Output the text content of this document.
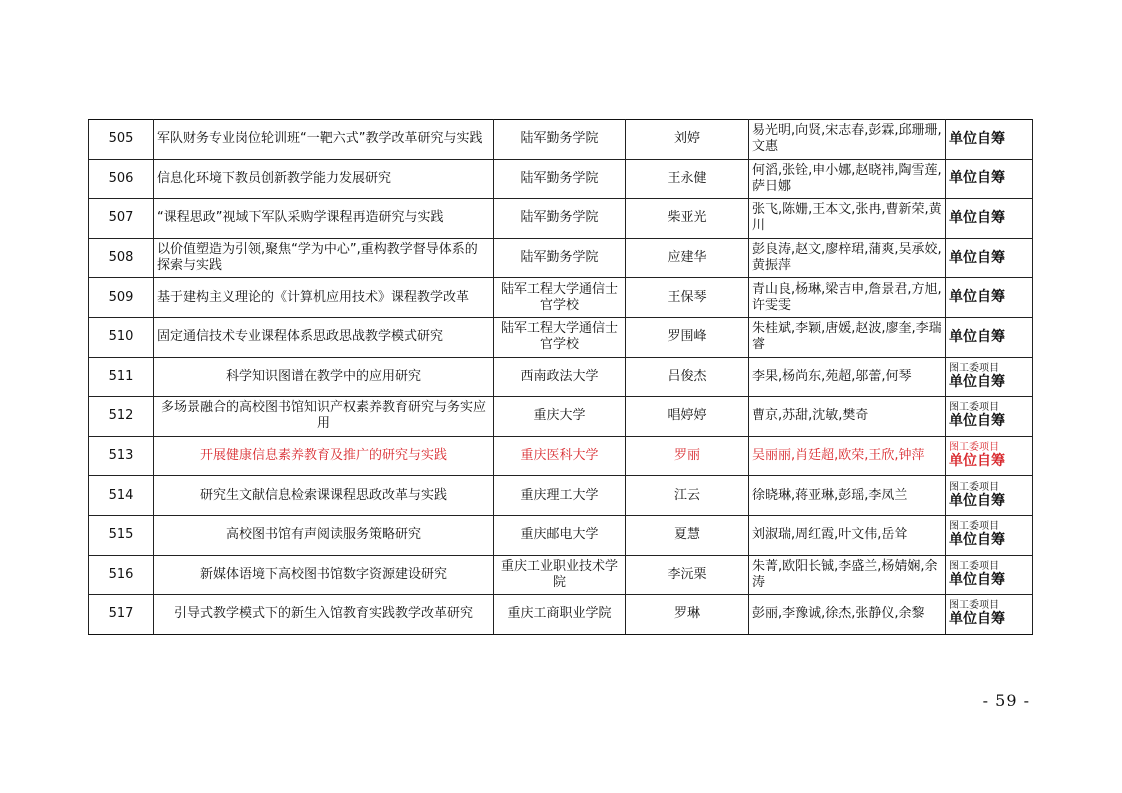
505	军队财务专业岗位轮训班“一靶六式”教学改革研究与实践	陆军勤务学院	刘婷	易光明,向贤,宋志春,彭霖,邱珊珊,文惠	单位自筹

506	信息化环境下教员创新教学能力发展研究	陆军勤务学院	王永健	何滔,张铨,申小娜,赵晓祎,陶雪莲,萨日娜	单位自筹

507	“课程思政”视域下军队采购学课程再造研究与实践	陆军勤务学院	柴亚光	张飞,陈姗,王本文,张冉,曹新荣,黄川	单位自筹

508	以价值塑造为引领,聚焦“学为中心”,重构教学督导体系的探索与实践	陆军勤务学院	应建华	彭良涛,赵文,廖梓珺,蒲爽,吴承姣,黄振萍	单位自筹

509	基于建构主义理论的《计算机应用技术》课程教学改革	陆军工程大学通信士官学校	王保琴	青山良,杨琳,梁吉申,詹景君,方旭,许雯雯	单位自筹

510	固定通信技术专业课程体系思政思战教学模式研究	陆军工程大学通信士官学校	罗围峰	朱桂斌,李颖,唐媛,赵波,廖奎,李瑞睿	单位自筹

511	科学知识图谱在教学中的应用研究	西南政法大学	吕俊杰	李果,杨尚东,苑超,邬蕾,何琴	图工委项目
单位自筹

512	多场景融合的高校图书馆知识产权素养教育研究与务实应用	重庆大学	唱婷婷	曹京,苏甜,沈敏,樊奇	图工委项目
单位自筹

513	开展健康信息素养教育及推广的研究与实践	重庆医科大学	罗丽	吴丽丽,肖廷超,欧荣,王欣,钟萍	图工委项目
单位自筹

514	研究生文献信息检索课课程思政改革与实践	重庆理工大学	江云	徐晓琳,蒋亚琳,彭瑶,李凤兰	图工委项目
单位自筹

515	高校图书馆有声阅读服务策略研究	重庆邮电大学	夏慧	刘淑瑞,周红霞,叶文伟,岳耸	图工委项目
单位自筹

516	新媒体语境下高校图书馆数字资源建设研究	重庆工业职业技术学院	李沅栗	朱菁,欧阳长铖,李盛兰,杨婧娴,余涛	图工委项目
单位自筹

517	引导式教学模式下的新生入馆教育实践教学改革研究	重庆工商职业学院	罗琳	彭丽,李豫诚,徐杰,张静仪,余黎	图工委项目
单位自筹
- 59 -
